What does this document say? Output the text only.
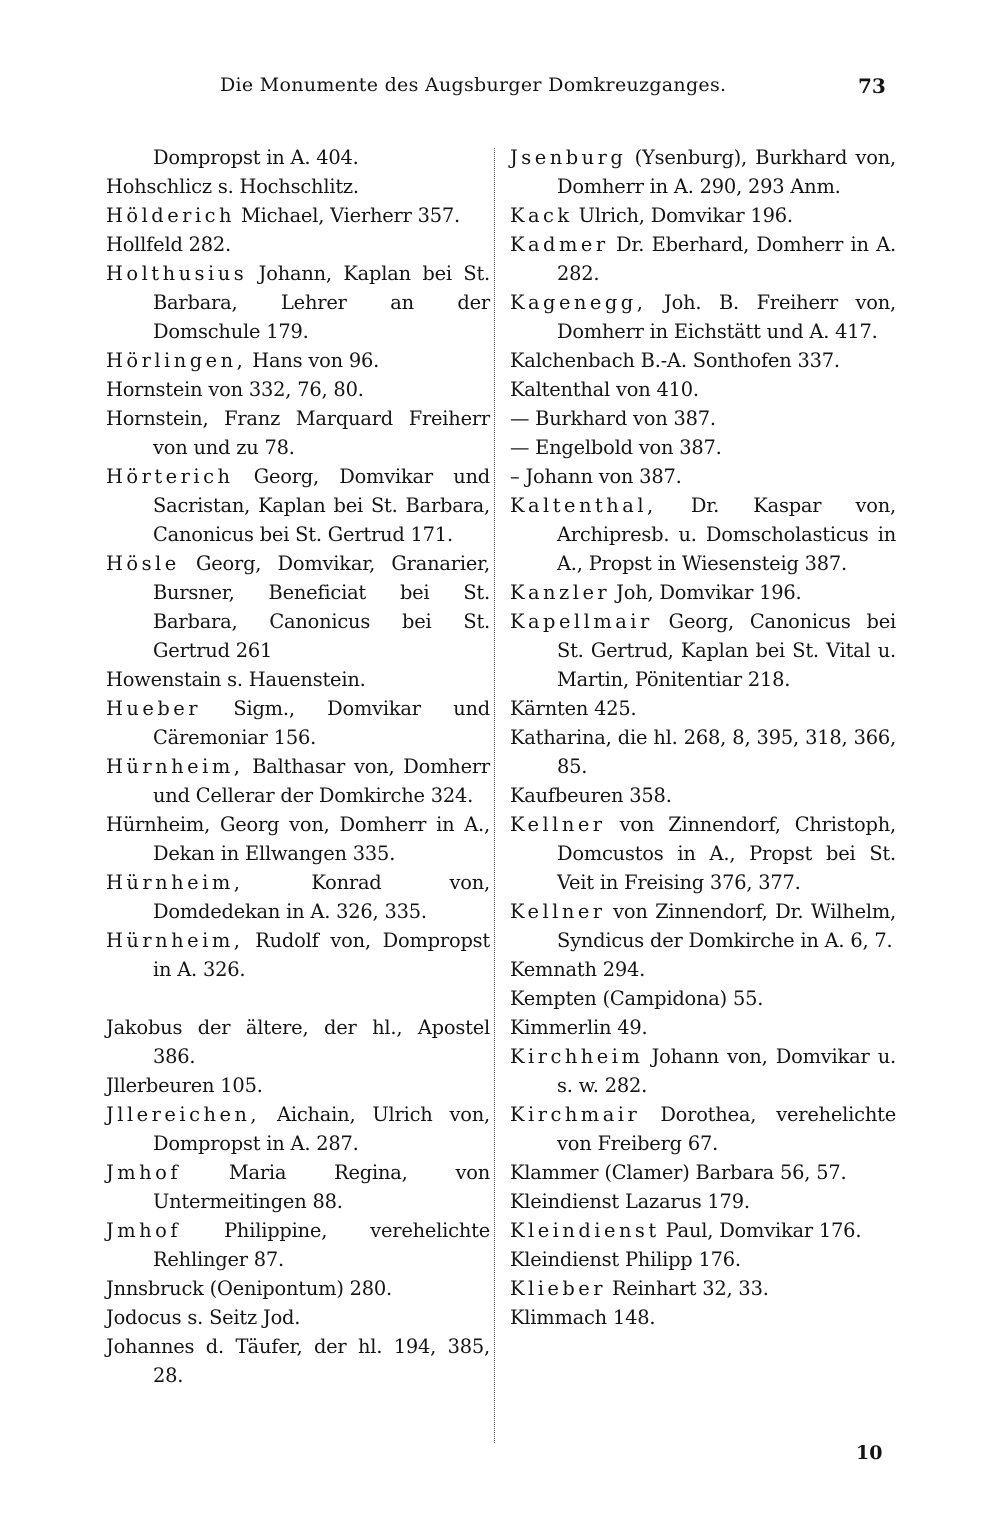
Die Monumente des Augsburger Domkreuzganges.	73
Dompropst in A. 404.
Hohschlicz s. Hochschlitz.
Hölderich Michael, Vierherr 357.
Hollfeld 282.
Holthusius Johann, Kaplan bei St. Barbara, Lehrer an der Domschule 179.
Hörlingen, Hans von 96.
Hornstein von 332, 76, 80.
Hornstein, Franz Marquard Freiherr von und zu 78.
Hörterich Georg, Domvikar und Sacristan, Kaplan bei St. Barbara, Canonicus bei St. Gertrud 171.
Hösle Georg, Domvikar, Granarier, Bursner, Beneficiat bei St. Barbara, Canonicus bei St. Gertrud 261
Howenstain s. Hauenstein.
Hueber Sigm., Domvikar und Cäremoniar 156.
Hürnheim, Balthasar von, Domherr und Cellerar der Domkirche 324.
Hürnheim, Georg von, Domherr in A., Dekan in Ellwangen 335.
Hürnheim, Konrad von, Domdedekan in A. 326, 335.
Hürnheim, Rudolf von, Dompropst in A. 326.
Jakobus der ältere, der hl., Apostel 386.
Jllerbeuren 105.
Jllereichen, Aichain, Ulrich von, Dompropst in A. 287.
Jmhof Maria Regina, von Untermeitingen 88.
Jmhof Philippine, verehelichte Rehlinger 87.
Jnnsbruck (Oenipontum) 280.
Jodocus s. Seitz Jod.
Johannes d. Täufer, der hl. 194, 385, 28.
Jsenburg (Ysenburg), Burkhard von, Domherr in A. 290, 293 Anm.
Kack Ulrich, Domvikar 196.
Kadmer Dr. Eberhard, Domherr in A. 282.
Kagenegg, Joh. B. Freiherr von, Domherr in Eichstätt und A. 417.
Kalchenbach B.-A. Sonthofen 337.
Kaltenthal von 410.
— Burkhard von 387.
— Engelbold von 387.
– Johann von 387.
Kaltenthal, Dr. Kaspar von, Archipresb. u. Domscholasticus in A., Propst in Wiesensteig 387.
Kanzler Joh, Domvikar 196.
Kapellmair Georg, Canonicus bei St. Gertrud, Kaplan bei St. Vital u. Martin, Pönitentiar 218.
Kärnten 425.
Katharina, die hl. 268, 8, 395, 318, 366, 85.
Kaufbeuren 358.
Kellner von Zinnendorf, Christoph, Domcustos in A., Propst bei St. Veit in Freising 376, 377.
Kellner von Zinnendorf, Dr. Wilhelm, Syndicus der Domkirche in A. 6, 7.
Kemnath 294.
Kempten (Campidona) 55.
Kimmerlin 49.
Kirchheim Johann von, Domvikar u. s. w. 282.
Kirchmair Dorothea, verehelichte von Freiberg 67.
Klammer (Clamer) Barbara 56, 57.
Kleindienst Lazarus 179.
Kleindienst Paul, Domvikar 176.
Kleindienst Philipp 176.
Klieber Reinhart 32, 33.
Klimmach 148.
10
